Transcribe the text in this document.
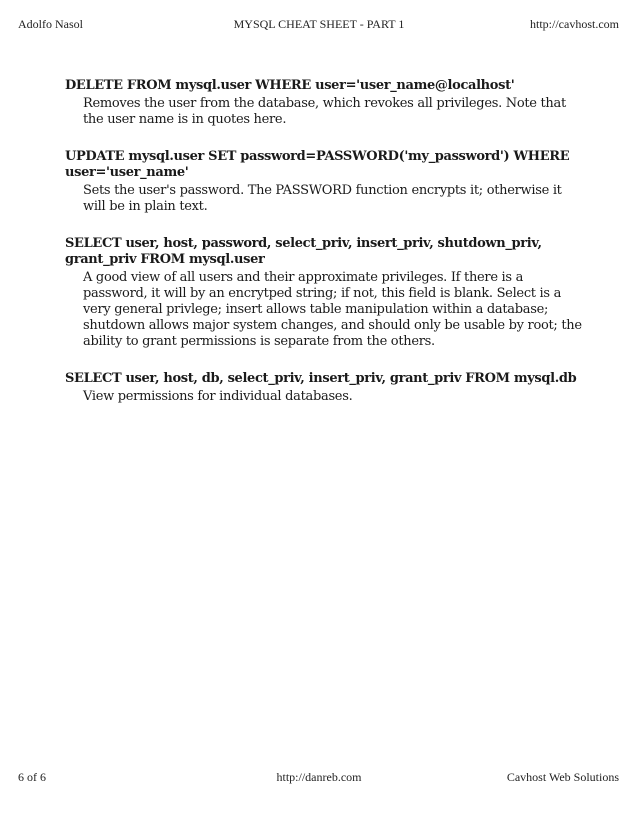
Adolfo Nasol	MYSQL CHEAT SHEET - PART 1	http://cavhost.com

DELETE FROM mysql.user WHERE user='user_name@localhost'

Removes the user from the database, which revokes all privileges. Note that the user name is in quotes here.

UPDATE mysql.user SET password=PASSWORD('my_password') WHERE user='user_name'

Sets the user's password. The PASSWORD function encrypts it; otherwise it will be in plain text.

SELECT user, host, password, select_priv, insert_priv, shutdown_priv, grant_priv FROM mysql.user

A good view of all users and their approximate privileges. If there is a password, it will by an encrytped string; if not, this field is blank. Select is a very general privlege; insert allows table manipulation within a database; shutdown allows major system changes, and should only be usable by root; the ability to grant permissions is separate from the others.

SELECT user, host, db, select_priv, insert_priv, grant_priv FROM mysql.db

View permissions for individual databases.

6 of 6	http://danreb.com	Cavhost Web Solutions
